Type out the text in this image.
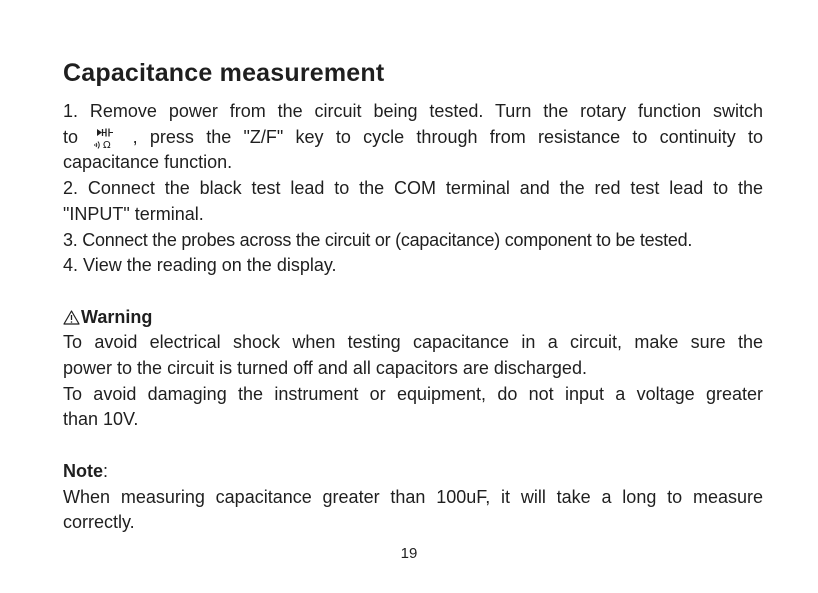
Capacitance measurement
1. Remove power from the circuit being tested. Turn the rotary function switch
to	Ω , press the "Z/F" key to cycle through from resistance to continuity to
capacitance function.
2. Connect the black test lead to the COM terminal and the red test lead to the
"INPUT" terminal.
3. Connect the probes across the circuit or (capacitance) component to be tested.
4. View the reading on the display.
Warning
To avoid electrical shock when testing capacitance in a circuit, make sure the
power to the circuit is turned off and all capacitors are discharged.
To avoid damaging the instrument or equipment, do not input a voltage greater
than 10V.
Note:
When measuring capacitance greater than 100uF, it will take a long to measure
correctly.
19
